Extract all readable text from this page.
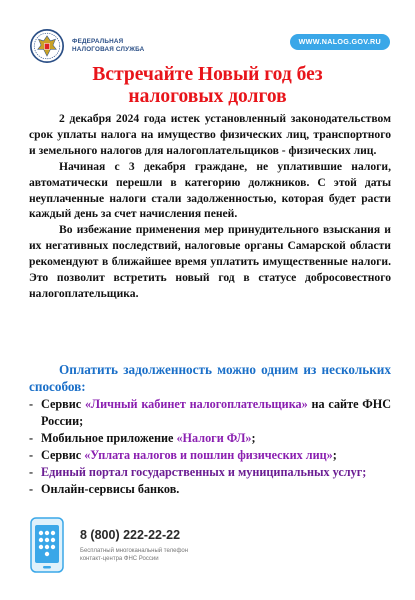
ФЕДЕРАЛЬНАЯ
НАЛОГОВАЯ СЛУЖБА
WWW.NALOG.GOV.RU
Встречайте Новый год без
налоговых долгов

2 декабря 2024 года истек установленный законодательством срок уплаты налога на имущество физических лиц, транспортного и земельного налогов для налогоплательщиков - физических лиц.

Начиная с 3 декабря граждане, не уплатившие налоги, автоматически перешли в категорию должников. С этой даты неуплаченные налоги стали задолженностью, которая будет расти каждый день за счет начисления пеней.

Во избежание применения мер принудительного взыскания и их негативных последствий, налоговые органы Самарской области рекомендуют в ближайшее время уплатить имущественные налоги. Это позволит встретить новый год в статусе добросовестного налогоплательщика.

Оплатить задолженность можно одним из нескольких способов:
- Сервис «Личный кабинет налогоплательщика» на сайте ФНС России;
- Мобильное приложение «Налоги ФЛ»;
- Сервис «Уплата налогов и пошлин физических лиц»;
- Единый портал государственных и муниципальных услуг;
- Онлайн-сервисы банков.
8 (800) 222-22-22
Бесплатный многоканальный телефон
контакт-центра ФНС России
